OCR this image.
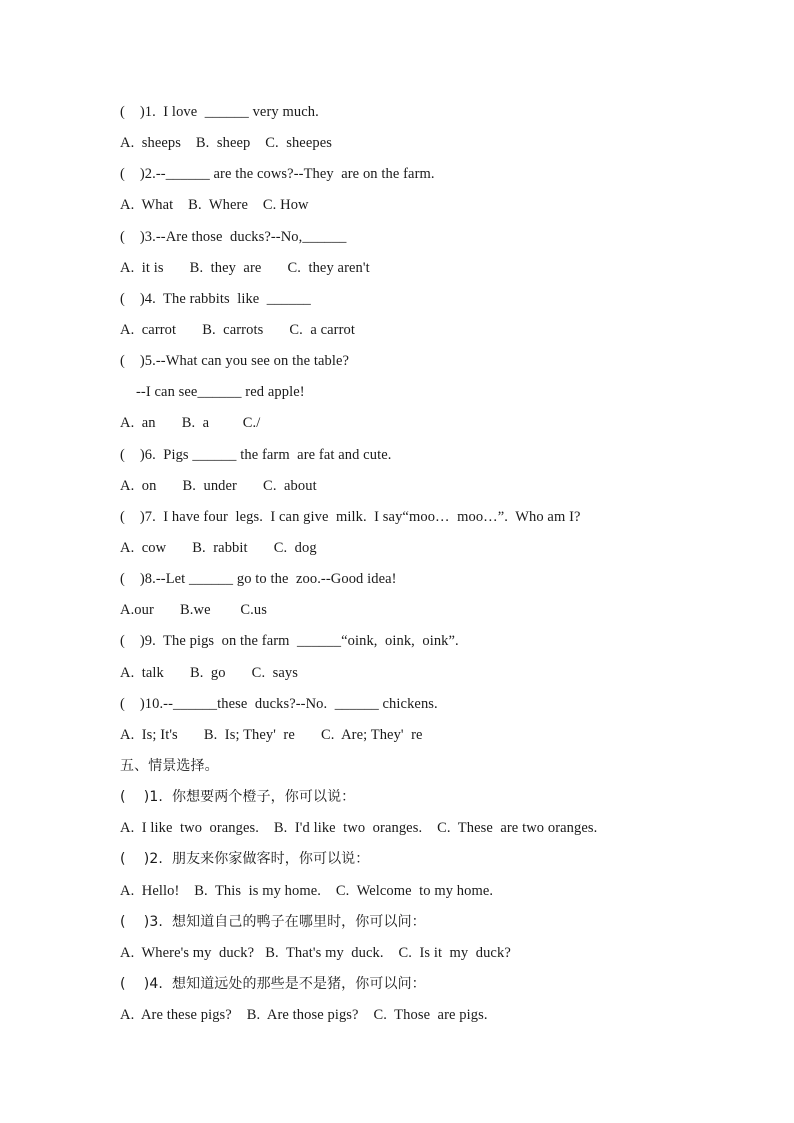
(    )1.  I love  ______ very much.
A.  sheeps    B.  sheep    C.  sheepes
(    )2.--______ are the cows?--They  are on the farm.
A.  What    B.  Where    C. How
(    )3.--Are those  ducks?--No,______
A.  it is       B.  they  are       C.  they aren't
(    )4.  The rabbits  like  ______
A.  carrot       B.  carrots       C.  a carrot
(    )5.--What can you see on the table?
--I can see______ red apple!
A.  an       B.  a         C./
(    )6.  Pigs ______ the farm  are fat and cute.
A.  on       B.  under       C.  about
(    )7.  I have four  legs.  I can give  milk.  I say“moo…  moo…”.  Who am I?
A.  cow       B.  rabbit       C.  dog
(    )8.--Let ______ go to the  zoo.--Good idea!
A.our       B.we        C.us
(    )9.  The pigs  on the farm  ______“oink,  oink,  oink”.
A.  talk       B.  go       C.  says
(    )10.--______these  ducks?--No.  ______ chickens.
A.  Is; It's       B.  Is; They'  re       C.  Are; They'  re
五、情景选择。
(    )1.  你想要两个橙子，你可以说：
A.  I like  two  oranges.    B.  I'd like  two  oranges.    C.  These  are two oranges.
(    )2.  朋友来你家做客时，你可以说：
A.  Hello!    B.  This  is my home.    C.  Welcome  to my home.
(    )3.  想知道自己的鸭子在哪里时，你可以问：
A.  Where's my  duck?   B.  That's my  duck.    C.  Is it  my  duck?
(    )4.  想知道远处的那些是不是猪，你可以问：
A.  Are these pigs?    B.  Are those pigs?    C.  Those  are pigs.
